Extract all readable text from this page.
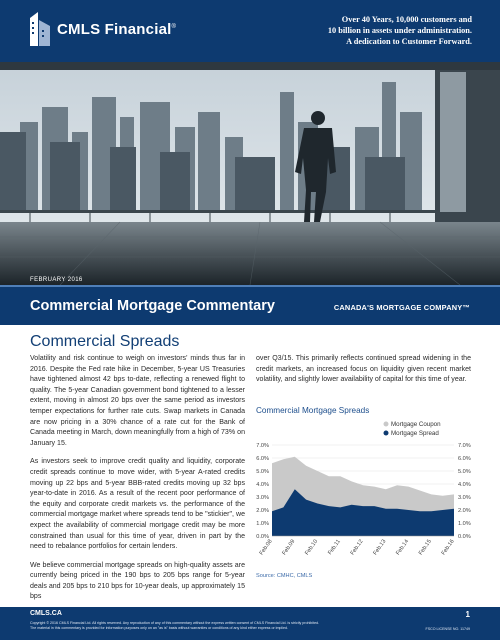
CMLS Financial®
Over 40 Years, 10,000 customers and
10 billion in assets under administration.
A dedication to Customer Forward.
FEBRUARY 2016
Commercial Mortgage Commentary	CANADA'S MORTGAGE COMPANY™
Commercial Spreads

Volatility and risk continue to weigh on investors' minds thus far in 2016. Despite the Fed rate hike in December, 5-year US Treasuries have tightened almost 42 bps to-date, reflecting a renewed flight to quality. The 5-year Canadian government bond tightened to a lesser extent, moving in almost 20 bps over the same period as investors temper expectations for further rate cuts. Swap markets in Canada are now pricing in a 30% chance of a rate cut for the Bank of Canada meeting in March, down meaningfully from a high of 73% on January 15.

As investors seek to improve credit quality and liquidity, corporate credit spreads continue to move wider, with 5-year A-rated credits moving up 22 bps and 5-year BBB-rated credits moving up 32 bps year-to-date in 2016. As a result of the recent poor performance of the equity and corporate credit markets vs. the performance of the commercial mortgage market where spreads tend to be "stickier", we expect the availability of commercial mortgage credit may be more constrained than usual for this time of year, driven in part by the need to rebalance portfolios for certain lenders.

We believe commercial mortgage spreads on high-quality assets are currently being priced in the 190 bps to 205 bps range for 5-year deals and 205 bps to 210 bps for 10-year deals, up approximately 15 bps

over Q3/15. This primarily reflects continued spread widening in the credit markets, an increased focus on liquidity given recent market volatility, and slightly lower availability of capital for this time of year.

Commercial Mortgage Spreads
0.0%	0.0%
1.0%	1.0%
2.0%	2.0%
3.0%	3.0%
4.0%	4.0%
5.0%	5.0%
6.0%	6.0%
7.0%	7.0%
Feb.08 Feb.09 Feb.10 Feb.11 Feb.12 Feb.13 Feb.14 Feb.15 Feb.16
Mortgage Coupon
Mortgage Spread
Source: CMHC, CMLS
CMLS.CA	1
Copyright © 2016 CMLS Financial Ltd. All rights reserved. Any reproduction of any of this commentary without the express written consent of CMLS Financial Ltd. is strictly prohibited.
The material in this commentary is provided for information purposes only on an "as is" basis without warranties or conditions of any kind either express or implied.	FSCO LICENSE NO. 11749
